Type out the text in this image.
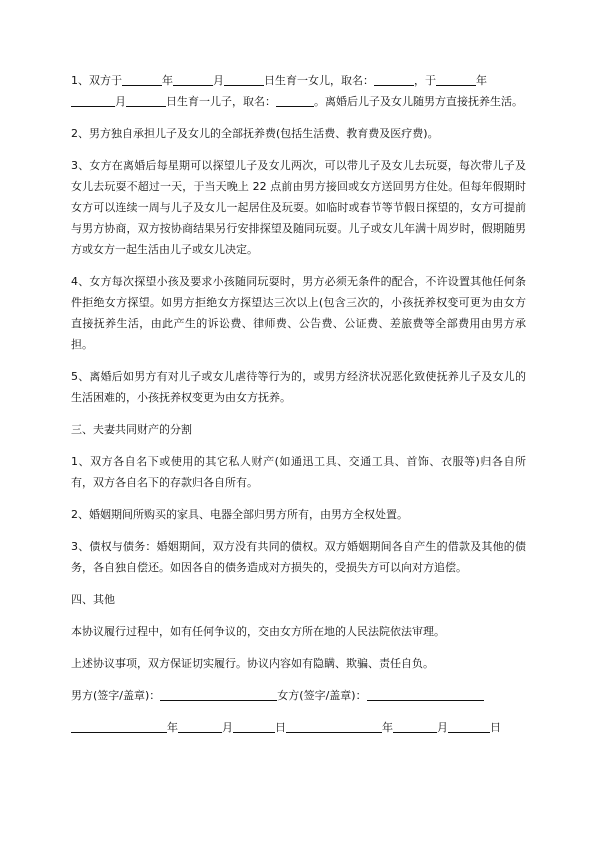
1、双方于	年	月	日生育一女儿，取名：	，于	年
月	日生育一儿子，取名：	。离婚后儿子及女儿随男方直接抚养生活。

2、男方独自承担儿子及女儿的全部抚养费(包括生活费、教育费及医疗费)。

3、女方在离婚后每星期可以探望儿子及女儿两次，可以带儿子及女儿去玩耍，每次带儿子及女儿去玩耍不超过一天，于当天晚上 22 点前由男方接回或女方送回男方住处。但每年假期时女方可以连续一周与儿子及女儿一起居住及玩耍。如临时或春节等节假日探望的，女方可提前与男方协商，双方按协商结果另行安排探望及随同玩耍。儿子或女儿年满十周岁时，假期随男方或女方一起生活由儿子或女儿决定。

4、女方每次探望小孩及要求小孩随同玩耍时，男方必须无条件的配合，不许设置其他任何条件拒绝女方探望。如男方拒绝女方探望达三次以上(包含三次的，小孩抚养权变可更为由女方直接抚养生活，由此产生的诉讼费、律师费、公告费、公证费、差旅费等全部费用由男方承担。

5、离婚后如男方有对儿子或女儿虐待等行为的，或男方经济状况恶化致使抚养儿子及女儿的生活困难的，小孩抚养权变更为由女方抚养。

三、夫妻共同财产的分割

1、双方各自名下或使用的其它私人财产(如通迅工具、交通工具、首饰、衣服等)归各自所有，双方各自名下的存款归各自所有。

2、婚姻期间所购买的家具、电器全部归男方所有，由男方全权处置。

3、债权与债务：婚姻期间，双方没有共同的债权。双方婚姻期间各自产生的借款及其他的债务，各自独自偿还。如因各自的债务造成对方损失的，受损失方可以向对方追偿。

四、其他

本协议履行过程中，如有任何争议的，交由女方所在地的人民法院依法审理。

上述协议事项，双方保证切实履行。协议内容如有隐瞒、欺骗、责任自负。

男方(签字/盖章)：	女方(签字/盖章)：

年	月	日	年	月	日
